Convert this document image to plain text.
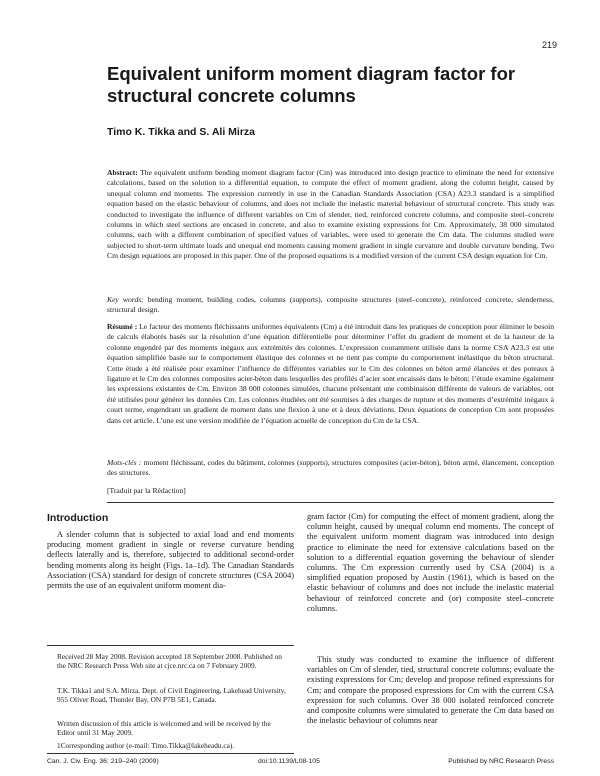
219
Equivalent uniform moment diagram factor for structural concrete columns

Timo K. Tikka and S. Ali Mirza

Abstract: The equivalent uniform bending moment diagram factor (Cm) was introduced into design practice to eliminate the need for extensive calculations, based on the solution to a differential equation, to compute the effect of moment gradient, along the column height, caused by unequal column end moments. The expression currently in use in the Canadian Standards Association (CSA) A23.3 standard is a simplified equation based on the elastic behaviour of columns, and does not include the inelastic material behaviour of structural concrete. This study was conducted to investigate the influence of different variables on Cm of slender, tied, reinforced concrete columns, and composite steel–concrete columns in which steel sections are encased in concrete, and also to examine existing expressions for Cm. Approximately, 38 000 simulated columns, each with a different combination of specified values of variables, were used to generate the Cm data. The columns studied were subjected to short-term ultimate loads and unequal end moments causing moment gradient in single curvature and double curvature bending. Two Cm design equations are proposed in this paper. One of the proposed equations is a modified version of the current CSA design equation for Cm.

Key words: bending moment, building codes, columns (supports), composite structures (steel–concrete), reinforced concrete, slenderness, structural design.

Résumé : Le facteur des moments fléchissants uniformes équivalents (Cm) a été introduit dans les pratiques de conception pour éliminer le besoin de calculs élaborés basés sur la résolution d’une équation différentielle pour déterminer l’effet du gradient de moment et de la hauteur de la colonne engendré par des moments inégaux aux extrémités des colonnes. L’expression couramment utilisée dans la norme CSA A23.3 est une équation simplifiée basée sur le comportement élastique des colonnes et ne tient pas compte du comportement inélastique du béton structural. Cette étude a été réalisée pour examiner l’influence de différentes variables sur le Cm des colonnes en béton armé élancées et des poteaux à ligature et le Cm des colonnes composites acier-béton dans lesquelles des profilés d’acier sont encaissés dans le béton; l’étude examine également les expressions existantes de Cm. Environ 38 000 colonnes simulées, chacune présentant une combinaison différente de valeurs de variables, ont été utilisées pour générer les données Cm. Les colonnes étudiées ont été soumises à des charges de rupture et des moments d’extrémité inégaux à court terme, engendrant un gradient de moment dans une flexion à une et à deux déviations. Deux équations de conception Cm sont proposées dans cet article. L’une est une version modifiée de l’équation actuelle de conception du Cm de la CSA.

Mots-clés : moment fléchissant, codes du bâtiment, colonnes (supports), structures composites (acier-béton), béton armé, élancement, conception des structures.

[Traduit par la Rédaction]

Introduction

A slender column that is subjected to axial load and end moments producing moment gradient in single or reverse curvature bending deflects laterally and is, therefore, subjected to additional second-order bending moments along its height (Figs. 1a–1d). The Canadian Standards Association (CSA) standard for design of concrete structures (CSA 2004) permits the use of an equivalent uniform moment dia-

Received 28 May 2008. Revision accepted 18 September 2008. Published on the NRC Research Press Web site at cjce.nrc.ca on 7 February 2009.

T.K. Tikka1 and S.A. Mirza. Dept. of Civil Engineering, Lakehead University, 955 Oliver Road, Thunder Bay, ON P7B 5E1, Canada.

Written discussion of this article is welcomed and will be received by the Editor until 31 May 2009.

1Corresponding author (e-mail: Timo.Tikka@lakeheadu.ca).

gram factor (Cm) for computing the effect of moment gradient, along the column height, caused by unequal column end moments. The concept of the equivalent uniform moment diagram was introduced into design practice to eliminate the need for extensive calculations based on the solution to a differential equation governing the behaviour of slender columns. The Cm expression currently used by CSA (2004) is a simplified equation proposed by Austin (1961), which is based on the elastic behaviour of columns and does not include the inelastic material behaviour of reinforced concrete and (or) composite steel–concrete columns.

This study was conducted to examine the influence of different variables on Cm of slender, tied, structural concrete columns; evaluate the existing expressions for Cm; develop and propose refined expressions for Cm; and compare the proposed expressions for Cm with the current CSA expression for such columns. Over 38 000 isolated reinforced concrete and composite columns were simulated to generate the Cm data based on the inelastic behaviour of columns near

Can. J. Civ. Eng. 36: 219–240 (2009)	doi:10.1139/L08-105	Published by NRC Research Press
